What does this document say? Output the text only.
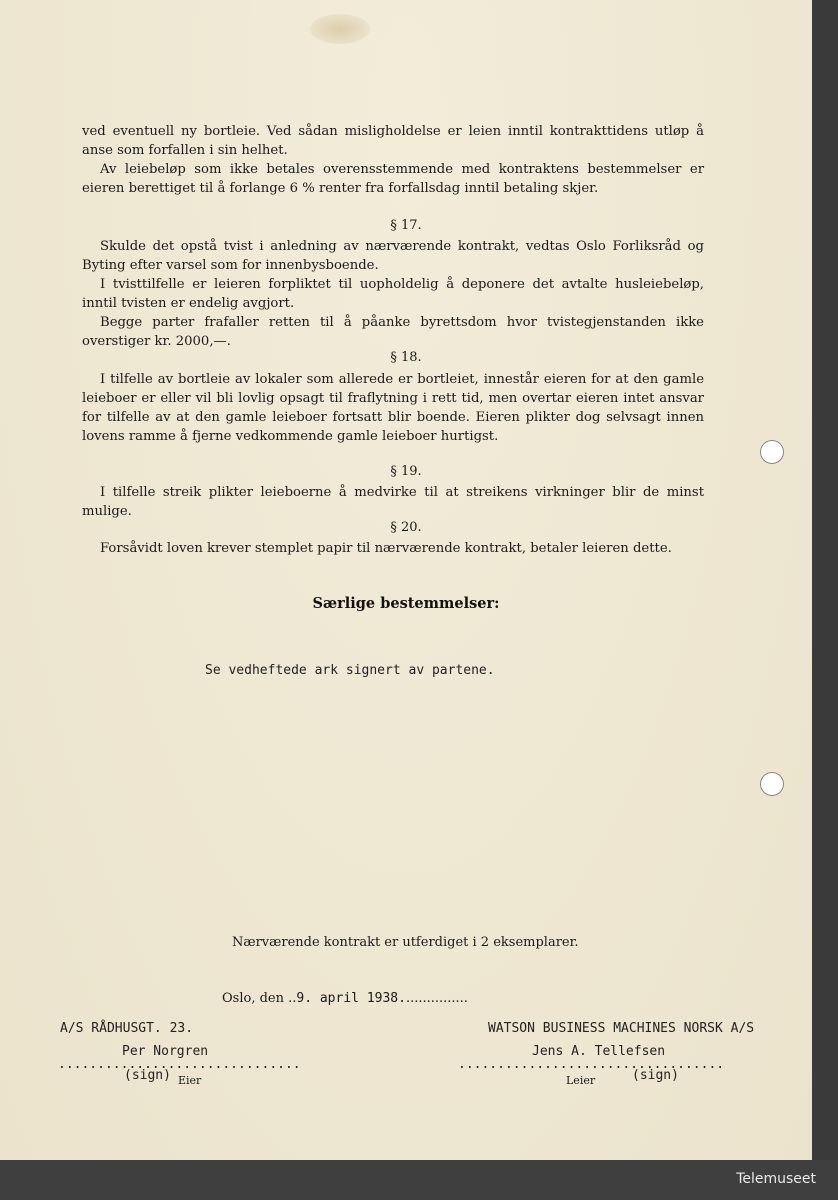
ved eventuell ny bortleie. Ved sådan misligholdelse er leien inntil kontrakttidens utløp å anse som forfallen i sin helhet.

Av leiebeløp som ikke betales overensstemmende med kontraktens bestemmelser er eieren berettiget til å forlange 6 % renter fra forfallsdag inntil betaling skjer.

§ 17.

Skulde det opstå tvist i anledning av nærværende kontrakt, vedtas Oslo Forliksråd og Byting efter varsel som for innenbysboende.

I tvisttilfelle er leieren forpliktet til uopholdelig å deponere det avtalte husleiebeløp, inntil tvisten er endelig avgjort.

Begge parter frafaller retten til å påanke byrettsdom hvor tvistegjenstanden ikke overstiger kr. 2000,—.

§ 18.

I tilfelle av bortleie av lokaler som allerede er bortleiet, innestår eieren for at den gamle leieboer er eller vil bli lovlig opsagt til fraflytning i rett tid, men overtar eieren intet ansvar for tilfelle av at den gamle leieboer fortsatt blir boende. Eieren plikter dog selvsagt innen lovens ramme å fjerne vedkommende gamle leieboer hurtigst.

§ 19.

I tilfelle streik plikter leieboerne å medvirke til at streikens virkninger blir de minst mulige.

§ 20.

Forsåvidt loven krever stemplet papir til nærværende kontrakt, betaler leieren dette.

Særlige bestemmelser:
Se vedheftede ark signert av partene.
Nærværende kontrakt er utferdiget i 2 eksemplarer.
Oslo, den ..9. april 1938................
A/S RÅDHUSGT. 23.
Per Norgren
...............................
(sign) Eier
WATSON BUSINESS MACHINES NORSK A/S
Jens A. Tellefsen
..................................
Leier	(sign)
Telemuseet
